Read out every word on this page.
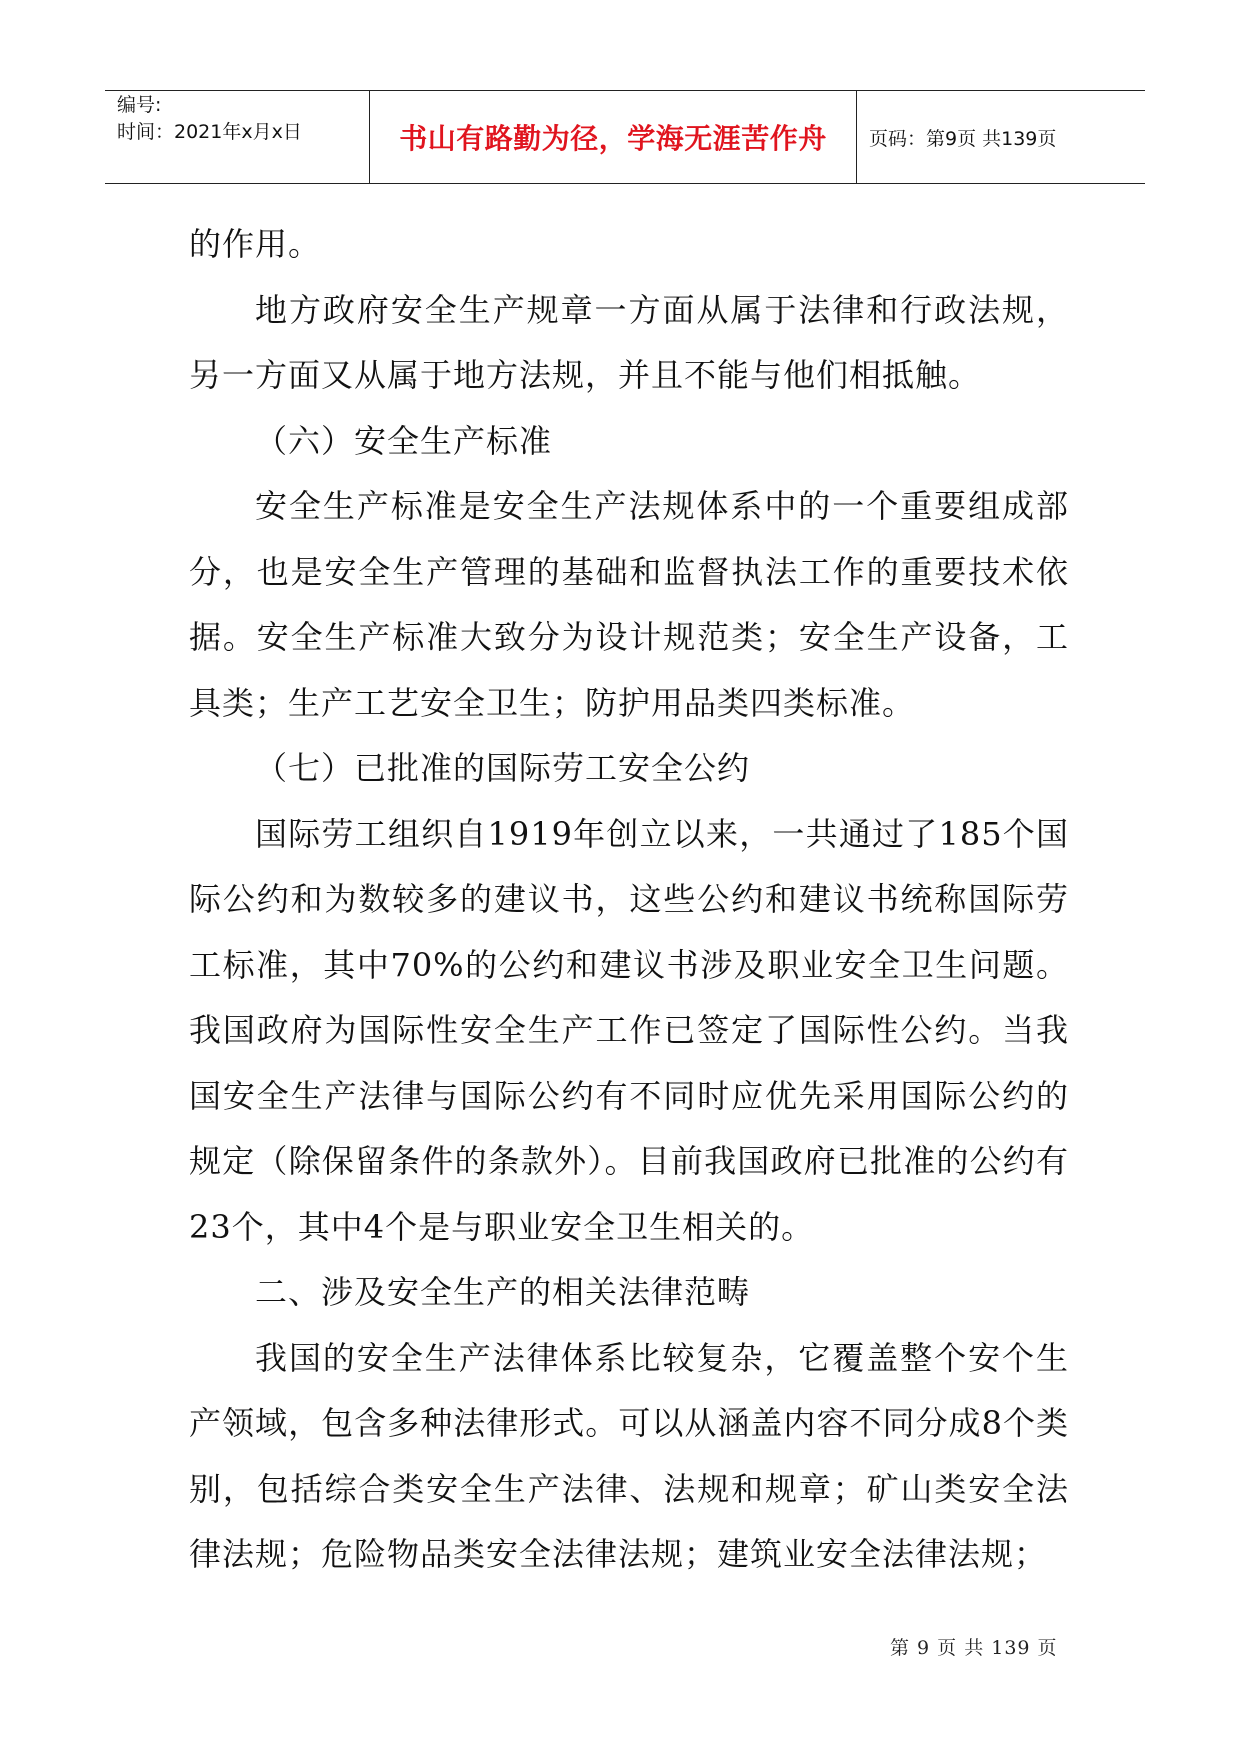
编号:
时间：2021年x月x日	书山有路勤为径，学海无涯苦作舟 页码：第9页 共139页

的作用。

地方政府安全生产规章一方面从属于法律和行政法规，另一方面又从属于地方法规，并且不能与他们相抵触。

（六）安全生产标准

安全生产标准是安全生产法规体系中的一个重要组成部分，也是安全生产管理的基础和监督执法工作的重要技术依据。安全生产标准大致分为设计规范类；安全生产设备，工具类；生产工艺安全卫生；防护用品类四类标准。

（七）已批准的国际劳工安全公约

国际劳工组织自1919年创立以来，一共通过了185个国际公约和为数较多的建议书，这些公约和建议书统称国际劳工标准，其中70%的公约和建议书涉及职业安全卫生问题。我国政府为国际性安全生产工作已签定了国际性公约。当我国安全生产法律与国际公约有不同时应优先采用国际公约的规定（除保留条件的条款外）。目前我国政府已批准的公约有23个，其中4个是与职业安全卫生相关的。

二、涉及安全生产的相关法律范畴

我国的安全生产法律体系比较复杂，它覆盖整个安个生产领域，包含多种法律形式。可以从涵盖内容不同分成8个类别，包括综合类安全生产法律、法规和规章；矿山类安全法律法规；危险物品类安全法律法规；建筑业安全法律法规；

第 9 页 共 139 页
